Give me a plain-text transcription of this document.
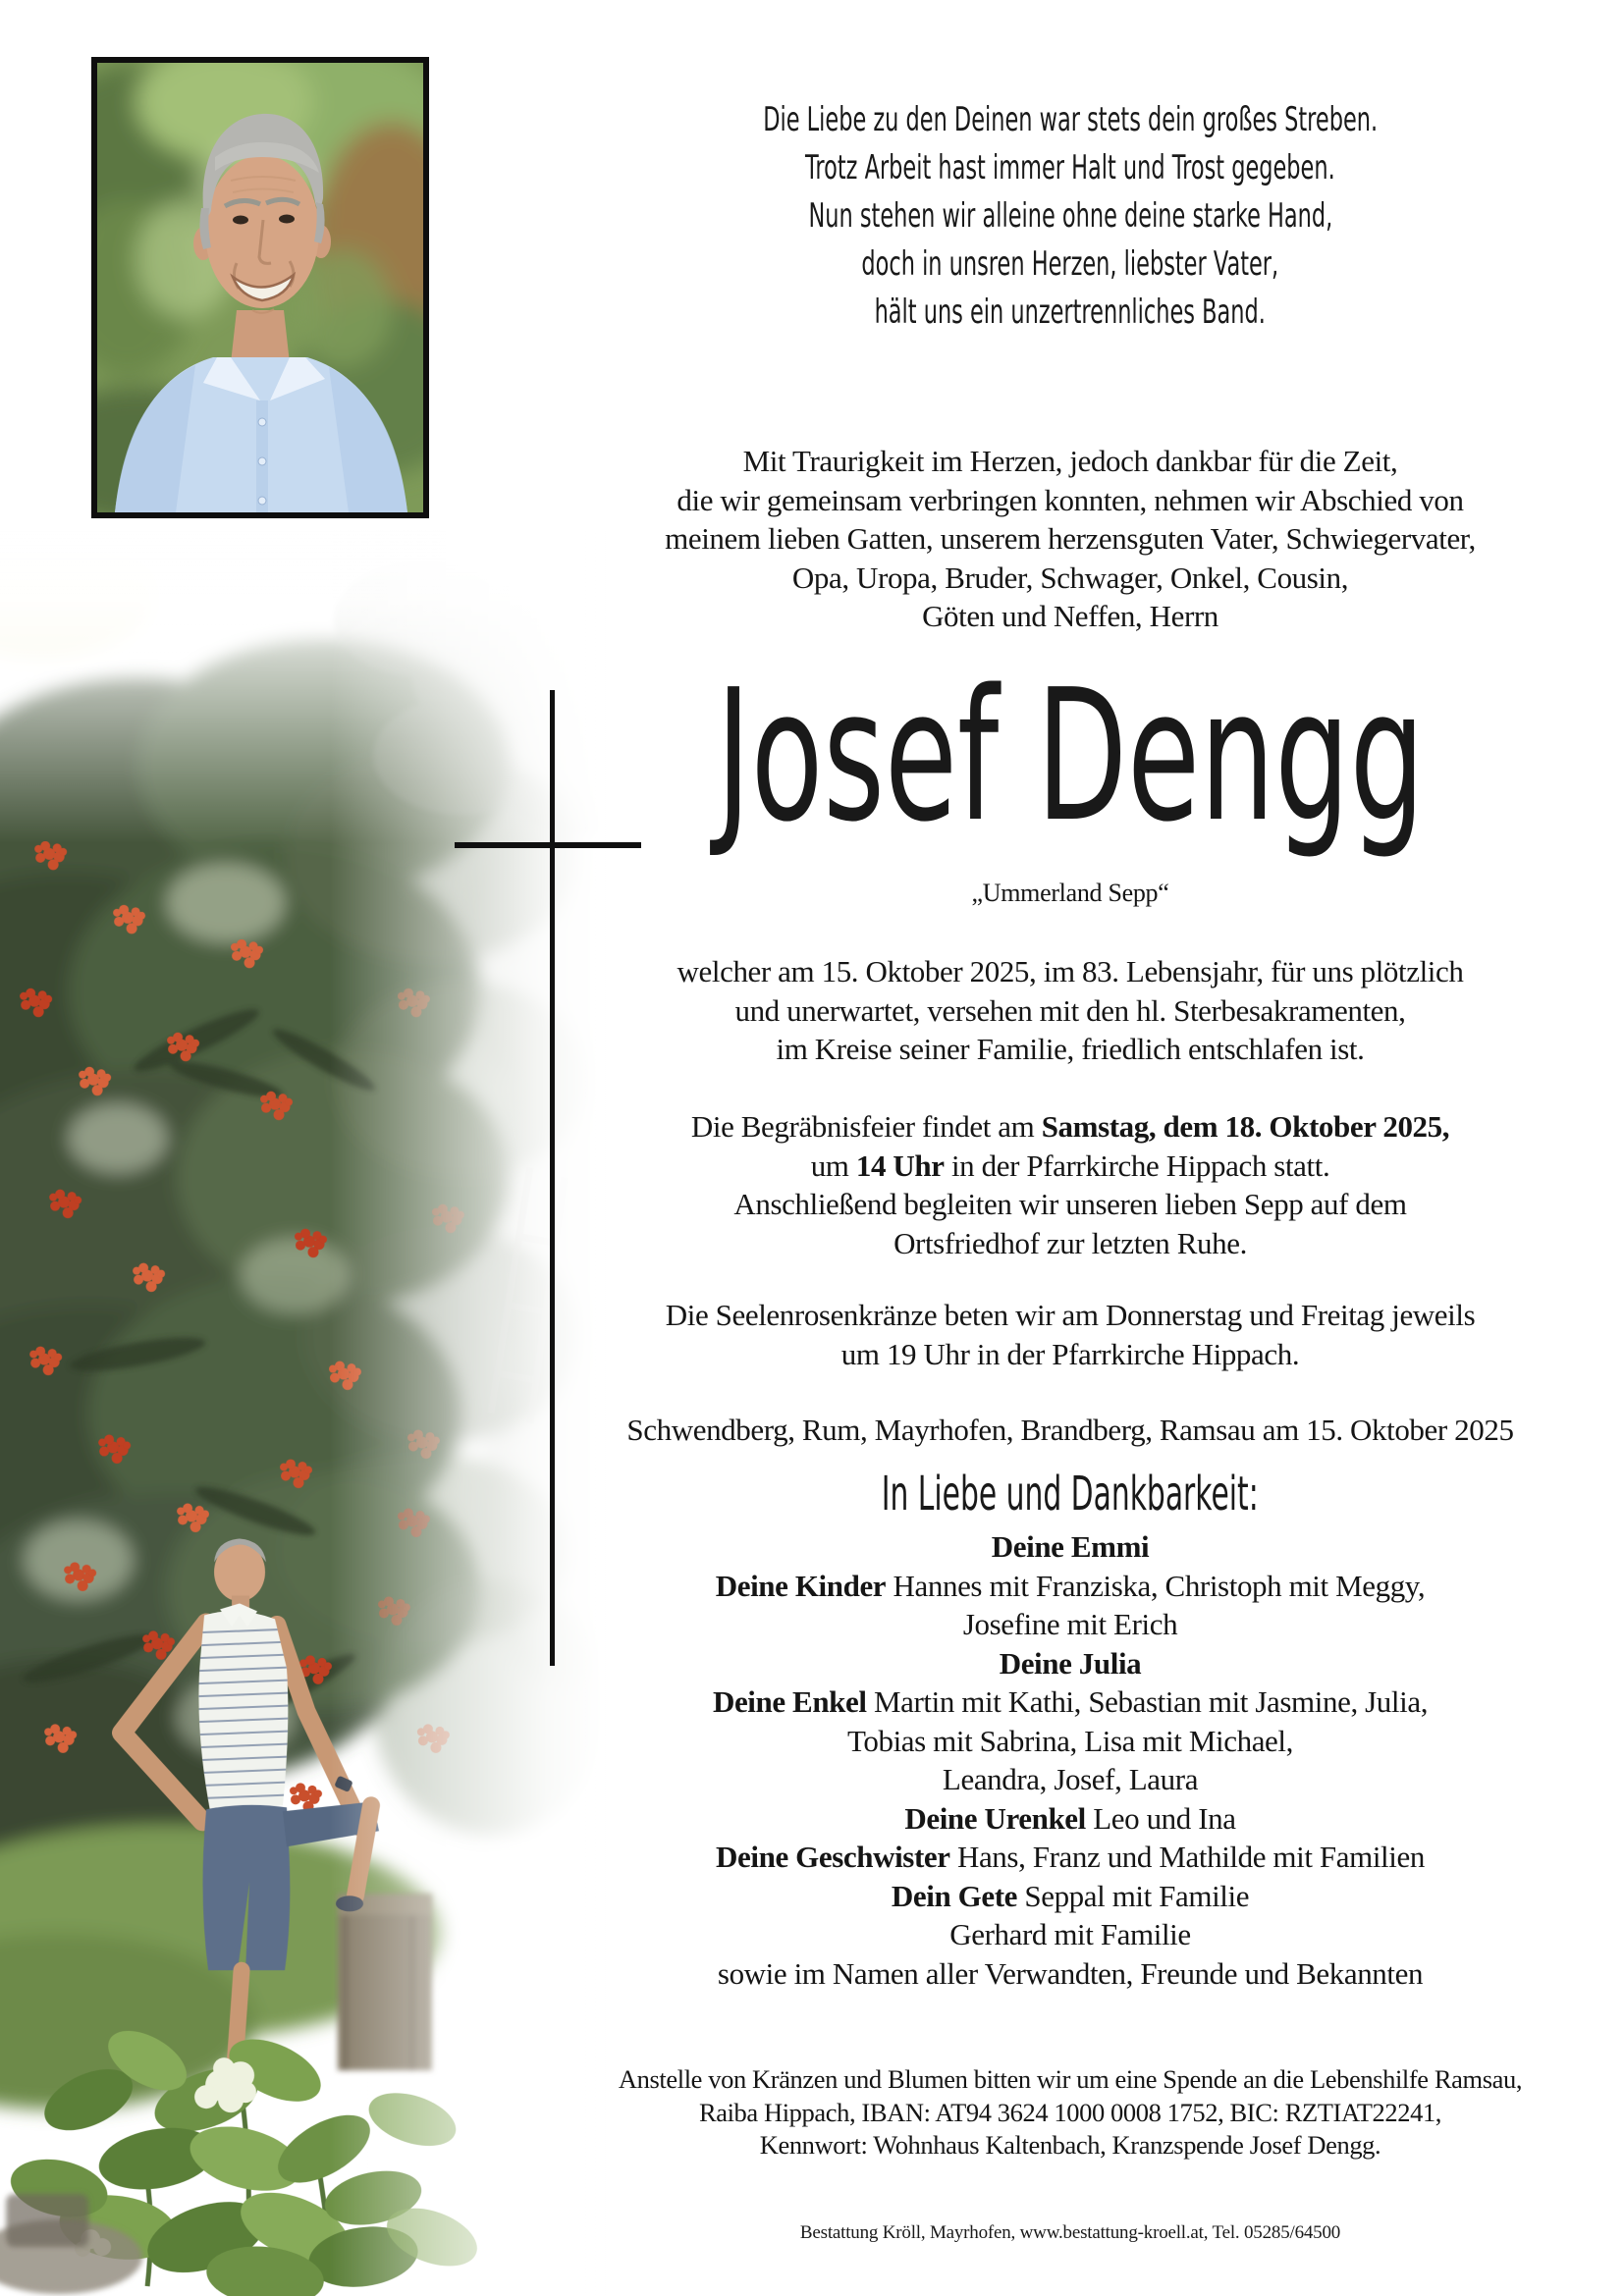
Die Liebe zu den Deinen war stets dein großes Streben.
Trotz Arbeit hast immer Halt und Trost gegeben.
Nun stehen wir alleine ohne deine starke Hand,
doch in unsren Herzen, liebster Vater,
hält uns ein unzertrennliches Band.
Mit Traurigkeit im Herzen, jedoch dankbar für die Zeit,
die wir gemeinsam verbringen konnten, nehmen wir Abschied von
meinem lieben Gatten, unserem herzensguten Vater, Schwiegervater,
Opa, Uropa, Bruder, Schwager, Onkel, Cousin,
Göten und Neffen, Herrn
Josef Dengg
„Ummerland Sepp“
welcher am 15. Oktober 2025, im 83. Lebensjahr, für uns plötzlich
und unerwartet, versehen mit den hl. Sterbesakramenten,
im Kreise seiner Familie, friedlich entschlafen ist.
Die Begräbnisfeier findet am Samstag, dem 18. Oktober 2025,
um 14 Uhr in der Pfarrkirche Hippach statt.
Anschließend begleiten wir unseren lieben Sepp auf dem
Ortsfriedhof zur letzten Ruhe.
Die Seelenrosenkränze beten wir am Donnerstag und Freitag jeweils
um 19 Uhr in der Pfarrkirche Hippach.
Schwendberg, Rum, Mayrhofen, Brandberg, Ramsau am 15. Oktober 2025
In Liebe und Dankbarkeit:
Deine Emmi
Deine Kinder Hannes mit Franziska, Christoph mit Meggy,
Josefine mit Erich
Deine Julia
Deine Enkel Martin mit Kathi, Sebastian mit Jasmine, Julia,
Tobias mit Sabrina, Lisa mit Michael,
Leandra, Josef, Laura
Deine Urenkel Leo und Ina
Deine Geschwister Hans, Franz und Mathilde mit Familien
Dein Gete Seppal mit Familie
Gerhard mit Familie
sowie im Namen aller Verwandten, Freunde und Bekannten
Anstelle von Kränzen und Blumen bitten wir um eine Spende an die Lebenshilfe Ramsau,
Raiba Hippach, IBAN: AT94 3624 1000 0008 1752, BIC: RZTIAT22241,
Kennwort: Wohnhaus Kaltenbach, Kranzspende Josef Dengg.
Bestattung Kröll, Mayrhofen, www.bestattung-kroell.at, Tel. 05285/64500
